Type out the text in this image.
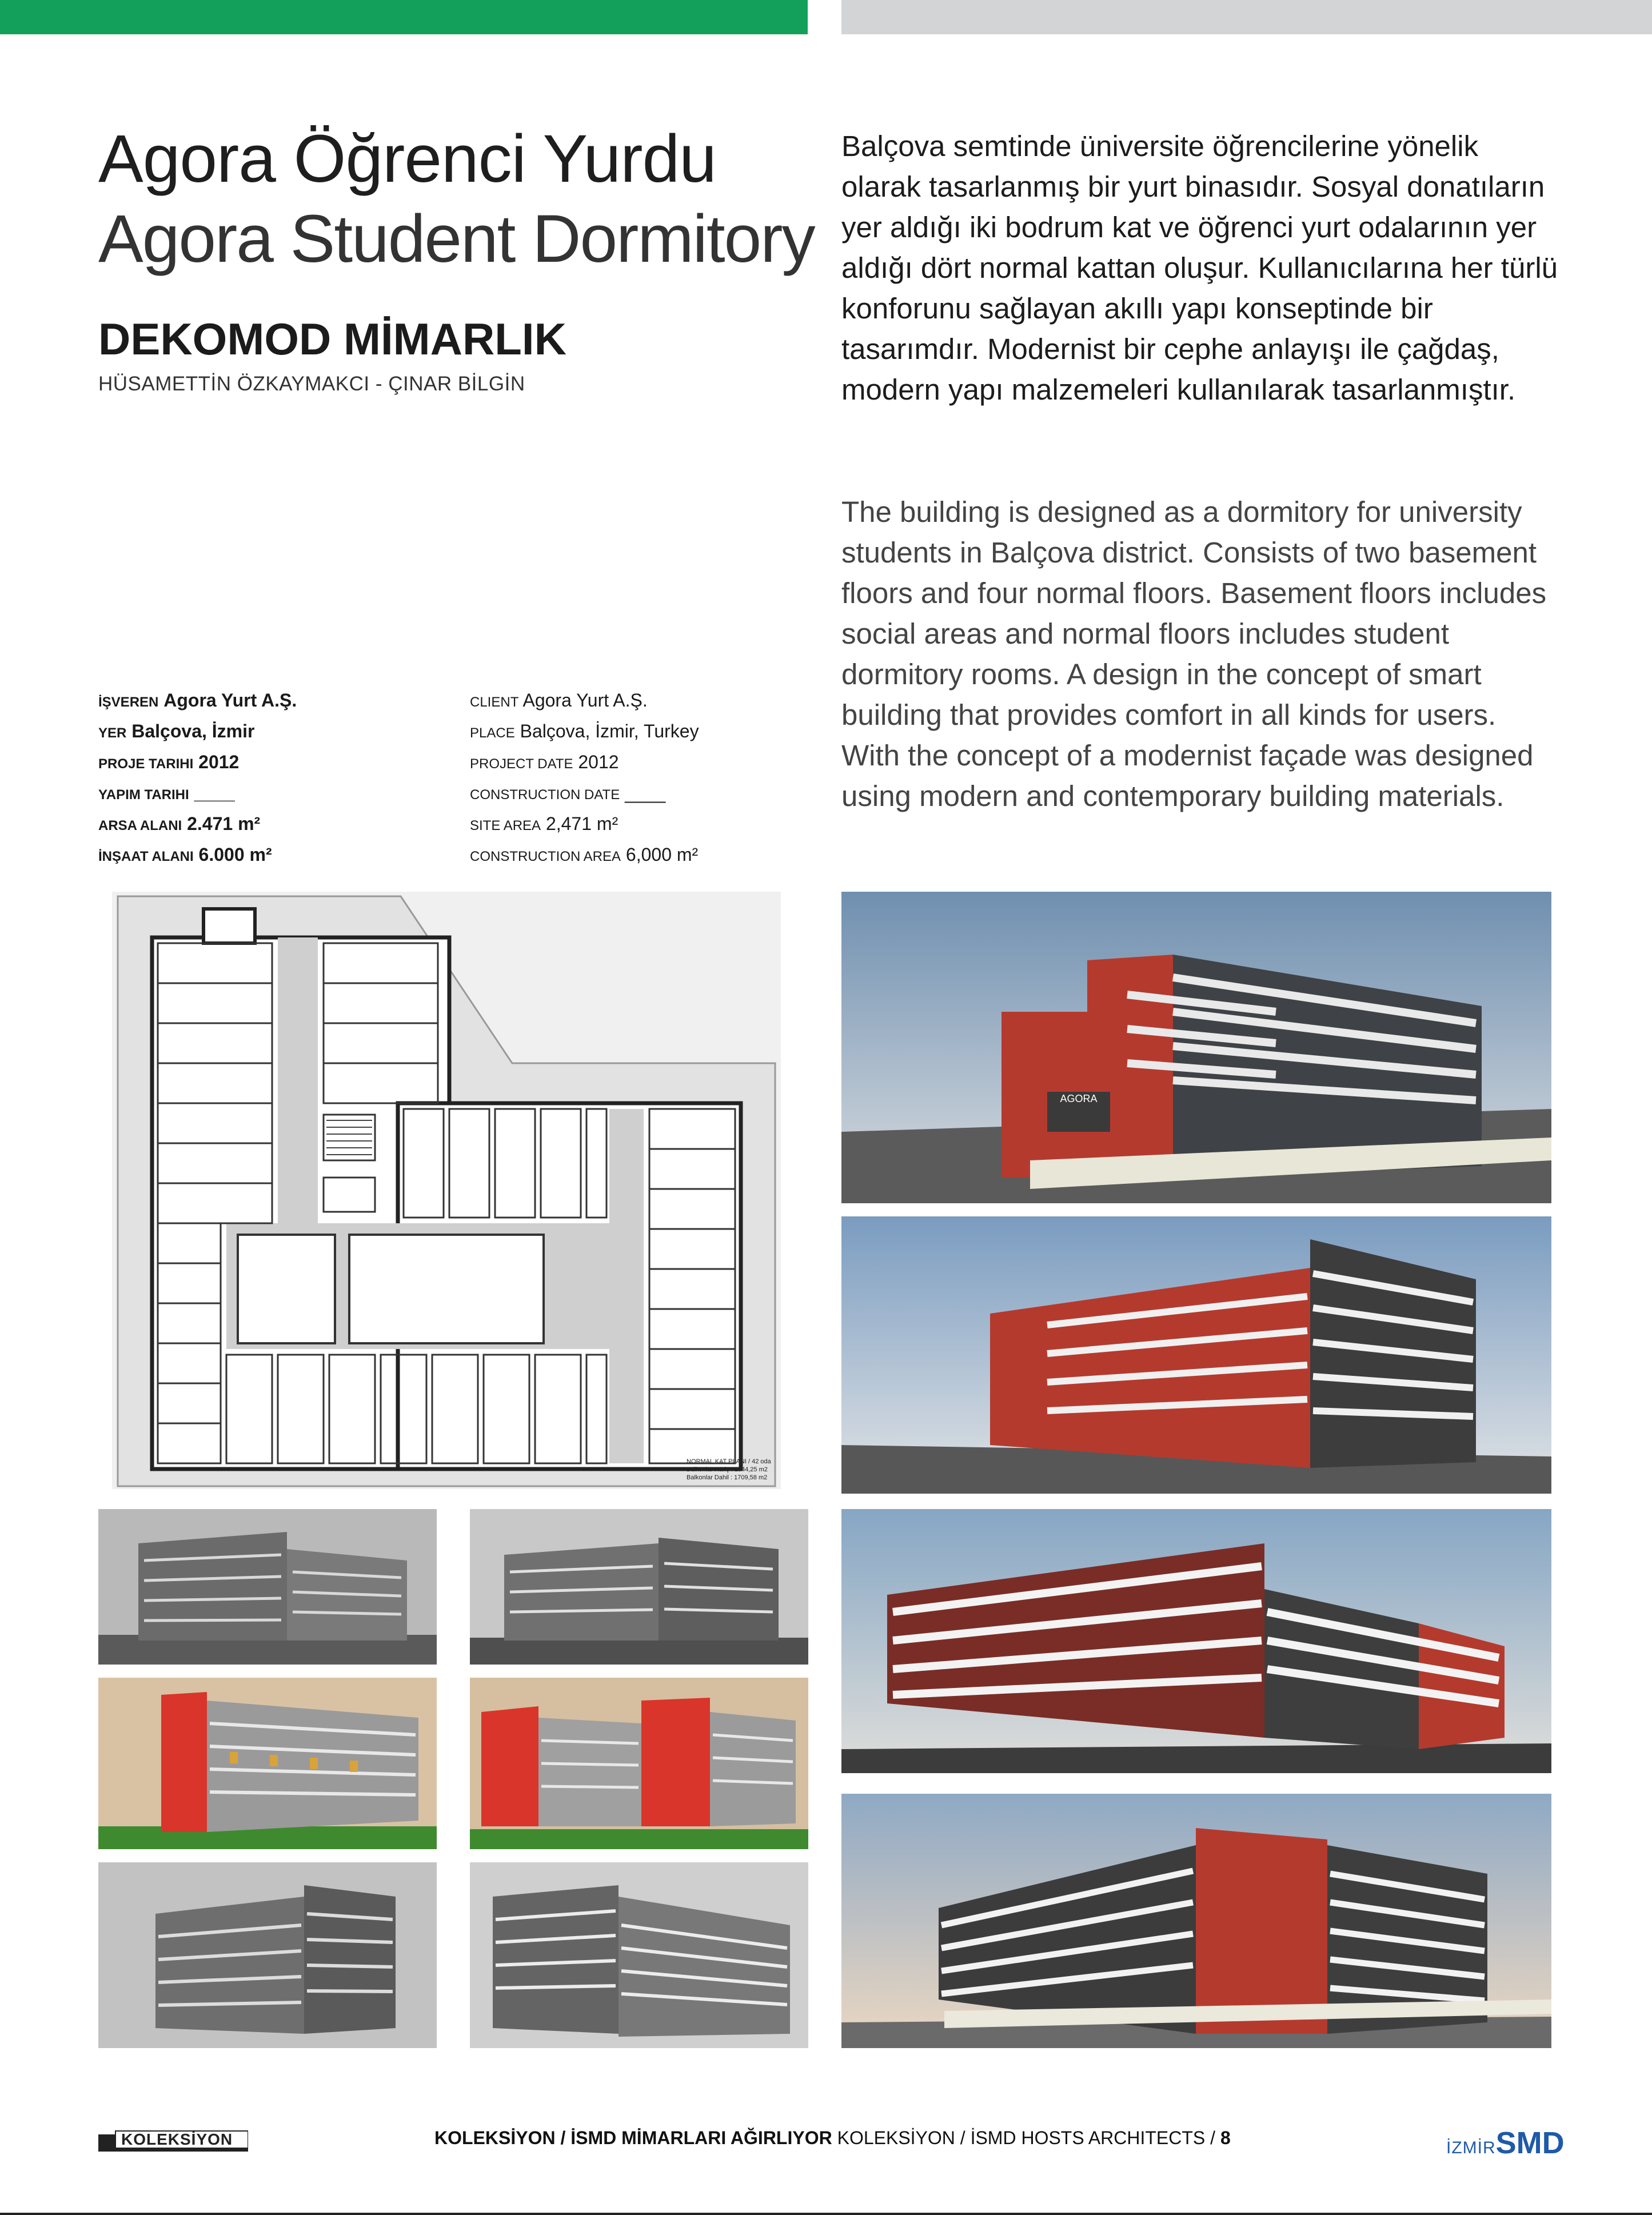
Agora Öğrenci Yurdu
Agora Student Dormitory
DEKOMOD MİMARLIK
HÜSAMETTİN ÖZKAYMAKCI - ÇINAR BİLGİN
Balçova semtinde üniversite öğrencilerine yönelik olarak tasarlanmış bir yurt binasıdır. Sosyal donatıların yer aldığı iki bodrum kat ve öğrenci yurt odalarının yer aldığı dört normal kattan oluşur. Kullanıcılarına her türlü konforunu sağlayan akıllı yapı konseptinde bir tasarımdır. Modernist bir cephe anlayışı ile çağdaş, modern yapı malzemeleri kullanılarak tasarlanmıştır.
The building is designed as a dormitory for university students in Balçova district. Consists of two basement floors and four normal floors. Basement floors includes social areas and normal floors includes student dormitory rooms. A design in the concept of smart building that provides comfort in all kinds for users. With the concept of a modernist façade was designed using modern and contemporary building materials.
İŞVEREN Agora Yurt A.Ş.
YER Balçova, İzmir
PROJE TARIHI 2012
YAPIM TARIHI ____
ARSA ALANI 2.471 m²
İNŞAAT ALANI 6.000 m²
CLIENT Agora Yurt A.Ş.
PLACE Balçova, İzmir, Turkey
PROJECT DATE 2012
CONSTRUCTION DATE ____
SITE AREA 2,471 m²
CONSTRUCTION AREA 6,000 m²
NORMAL KAT PLANI / 42 oda
Balkonlar Hariç : 1544,25 m2
Balkonlar Dahil : 1709,58 m2
AGORA
KOLEKSİYON	KOLEKSİYON / İSMD MİMARLARI AĞIRLIYOR KOLEKSİYON / İSMD HOSTS ARCHITECTS / 8	İZMİRSMD
